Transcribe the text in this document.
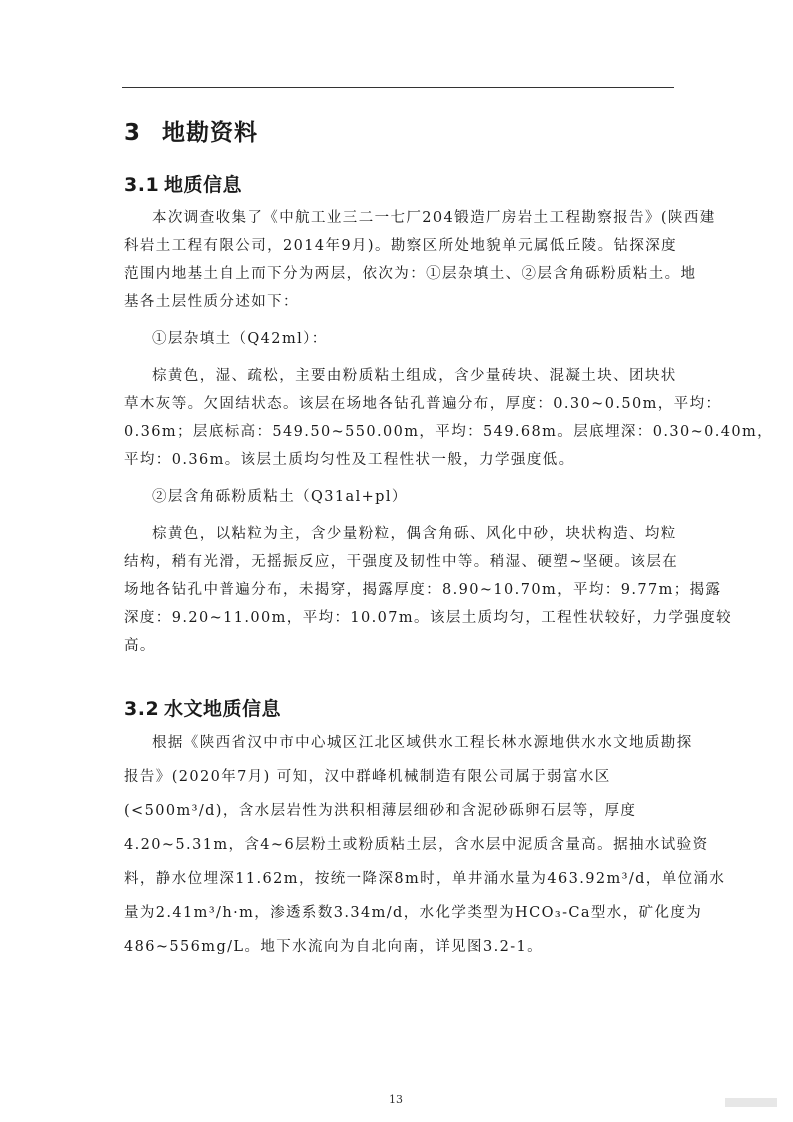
3 地勘资料
3.1 地质信息
本次调查收集了《中航工业三二一七厂204锻造厂房岩土工程勘察报告》(陕西建
科岩土工程有限公司，2014年9月)。勘察区所处地貌单元属低丘陵。钻探深度
范围内地基土自上而下分为两层，依次为：①层杂填土、②层含角砾粉质粘土。地
基各土层性质分述如下：
①层杂填土（Q42ml）：
棕黄色，湿、疏松，主要由粉质粘土组成，含少量砖块、混凝土块、团块状
草木灰等。欠固结状态。该层在场地各钻孔普遍分布，厚度：0.30~0.50m，平均：
0.36m；层底标高：549.50~550.00m，平均：549.68m。层底埋深：0.30~0.40m，
平均：0.36m。该层土质均匀性及工程性状一般，力学强度低。
②层含角砾粉质粘土（Q31al+pl）
棕黄色，以粘粒为主，含少量粉粒，偶含角砾、风化中砂，块状构造、均粒
结构，稍有光滑，无摇振反应，干强度及韧性中等。稍湿、硬塑~坚硬。该层在
场地各钻孔中普遍分布，未揭穿，揭露厚度：8.90~10.70m，平均：9.77m；揭露
深度：9.20~11.00m，平均：10.07m。该层土质均匀，工程性状较好，力学强度较
高。
3.2 水文地质信息
根据《陕西省汉中市中心城区江北区域供水工程长林水源地供水水文地质勘探
报告》(2020年7月) 可知，汉中群峰机械制造有限公司属于弱富水区
(<500m³/d)，含水层岩性为洪积相薄层细砂和含泥砂砾卵石层等，厚度
4.20~5.31m，含4~6层粉土或粉质粘土层，含水层中泥质含量高。据抽水试验资
料，静水位埋深11.62m，按统一降深8m时，单井涌水量为463.92m³/d，单位涌水
量为2.41m³/h·m，渗透系数3.34m/d，水化学类型为HCO₃-Ca型水，矿化度为
486~556mg/L。地下水流向为自北向南，详见图3.2-1。
13
